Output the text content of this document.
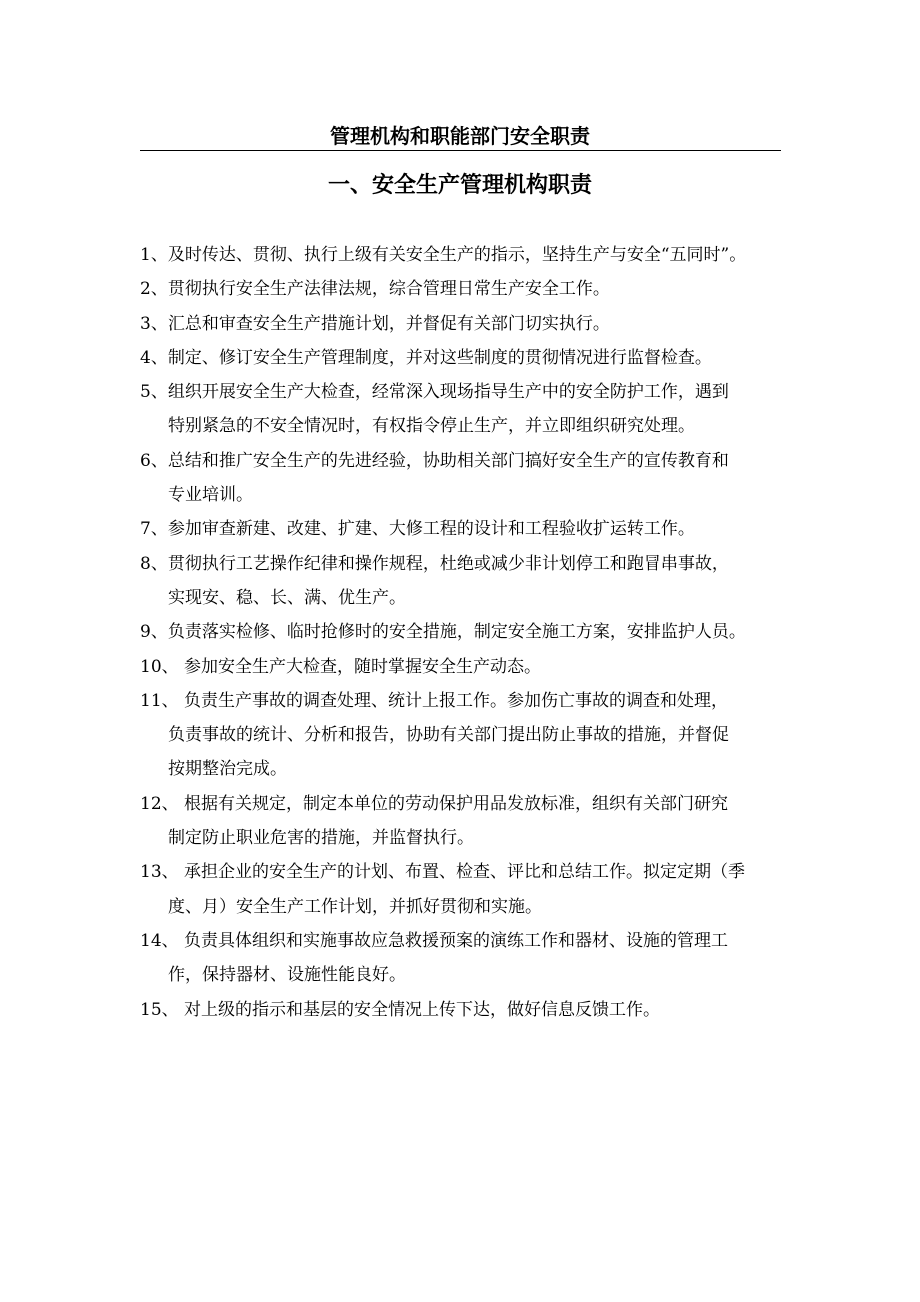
管理机构和职能部门安全职责
一、安全生产管理机构职责
1、及时传达、贯彻、执行上级有关安全生产的指示，坚持生产与安全“五同时”。
2、贯彻执行安全生产法律法规，综合管理日常生产安全工作。
3、汇总和审查安全生产措施计划，并督促有关部门切实执行。
4、制定、修订安全生产管理制度，并对这些制度的贯彻情况进行监督检查。
5、组织开展安全生产大检查，经常深入现场指导生产中的安全防护工作，遇到
特别紧急的不安全情况时，有权指令停止生产，并立即组织研究处理。
6、总结和推广安全生产的先进经验，协助相关部门搞好安全生产的宣传教育和
专业培训。
7、参加审查新建、改建、扩建、大修工程的设计和工程验收扩运转工作。
8、贯彻执行工艺操作纪律和操作规程，杜绝或减少非计划停工和跑冒串事故，
实现安、稳、长、满、优生产。
9、负责落实检修、临时抢修时的安全措施，制定安全施工方案，安排监护人员。
10、 参加安全生产大检查，随时掌握安全生产动态。
11、 负责生产事故的调查处理、统计上报工作。参加伤亡事故的调查和处理，
负责事故的统计、分析和报告，协助有关部门提出防止事故的措施，并督促
按期整治完成。
12、 根据有关规定，制定本单位的劳动保护用品发放标准，组织有关部门研究
制定防止职业危害的措施，并监督执行。
13、 承担企业的安全生产的计划、布置、检查、评比和总结工作。拟定定期（季
度、月）安全生产工作计划，并抓好贯彻和实施。
14、 负责具体组织和实施事故应急救援预案的演练工作和器材、设施的管理工
作，保持器材、设施性能良好。
15、 对上级的指示和基层的安全情况上传下达，做好信息反馈工作。
